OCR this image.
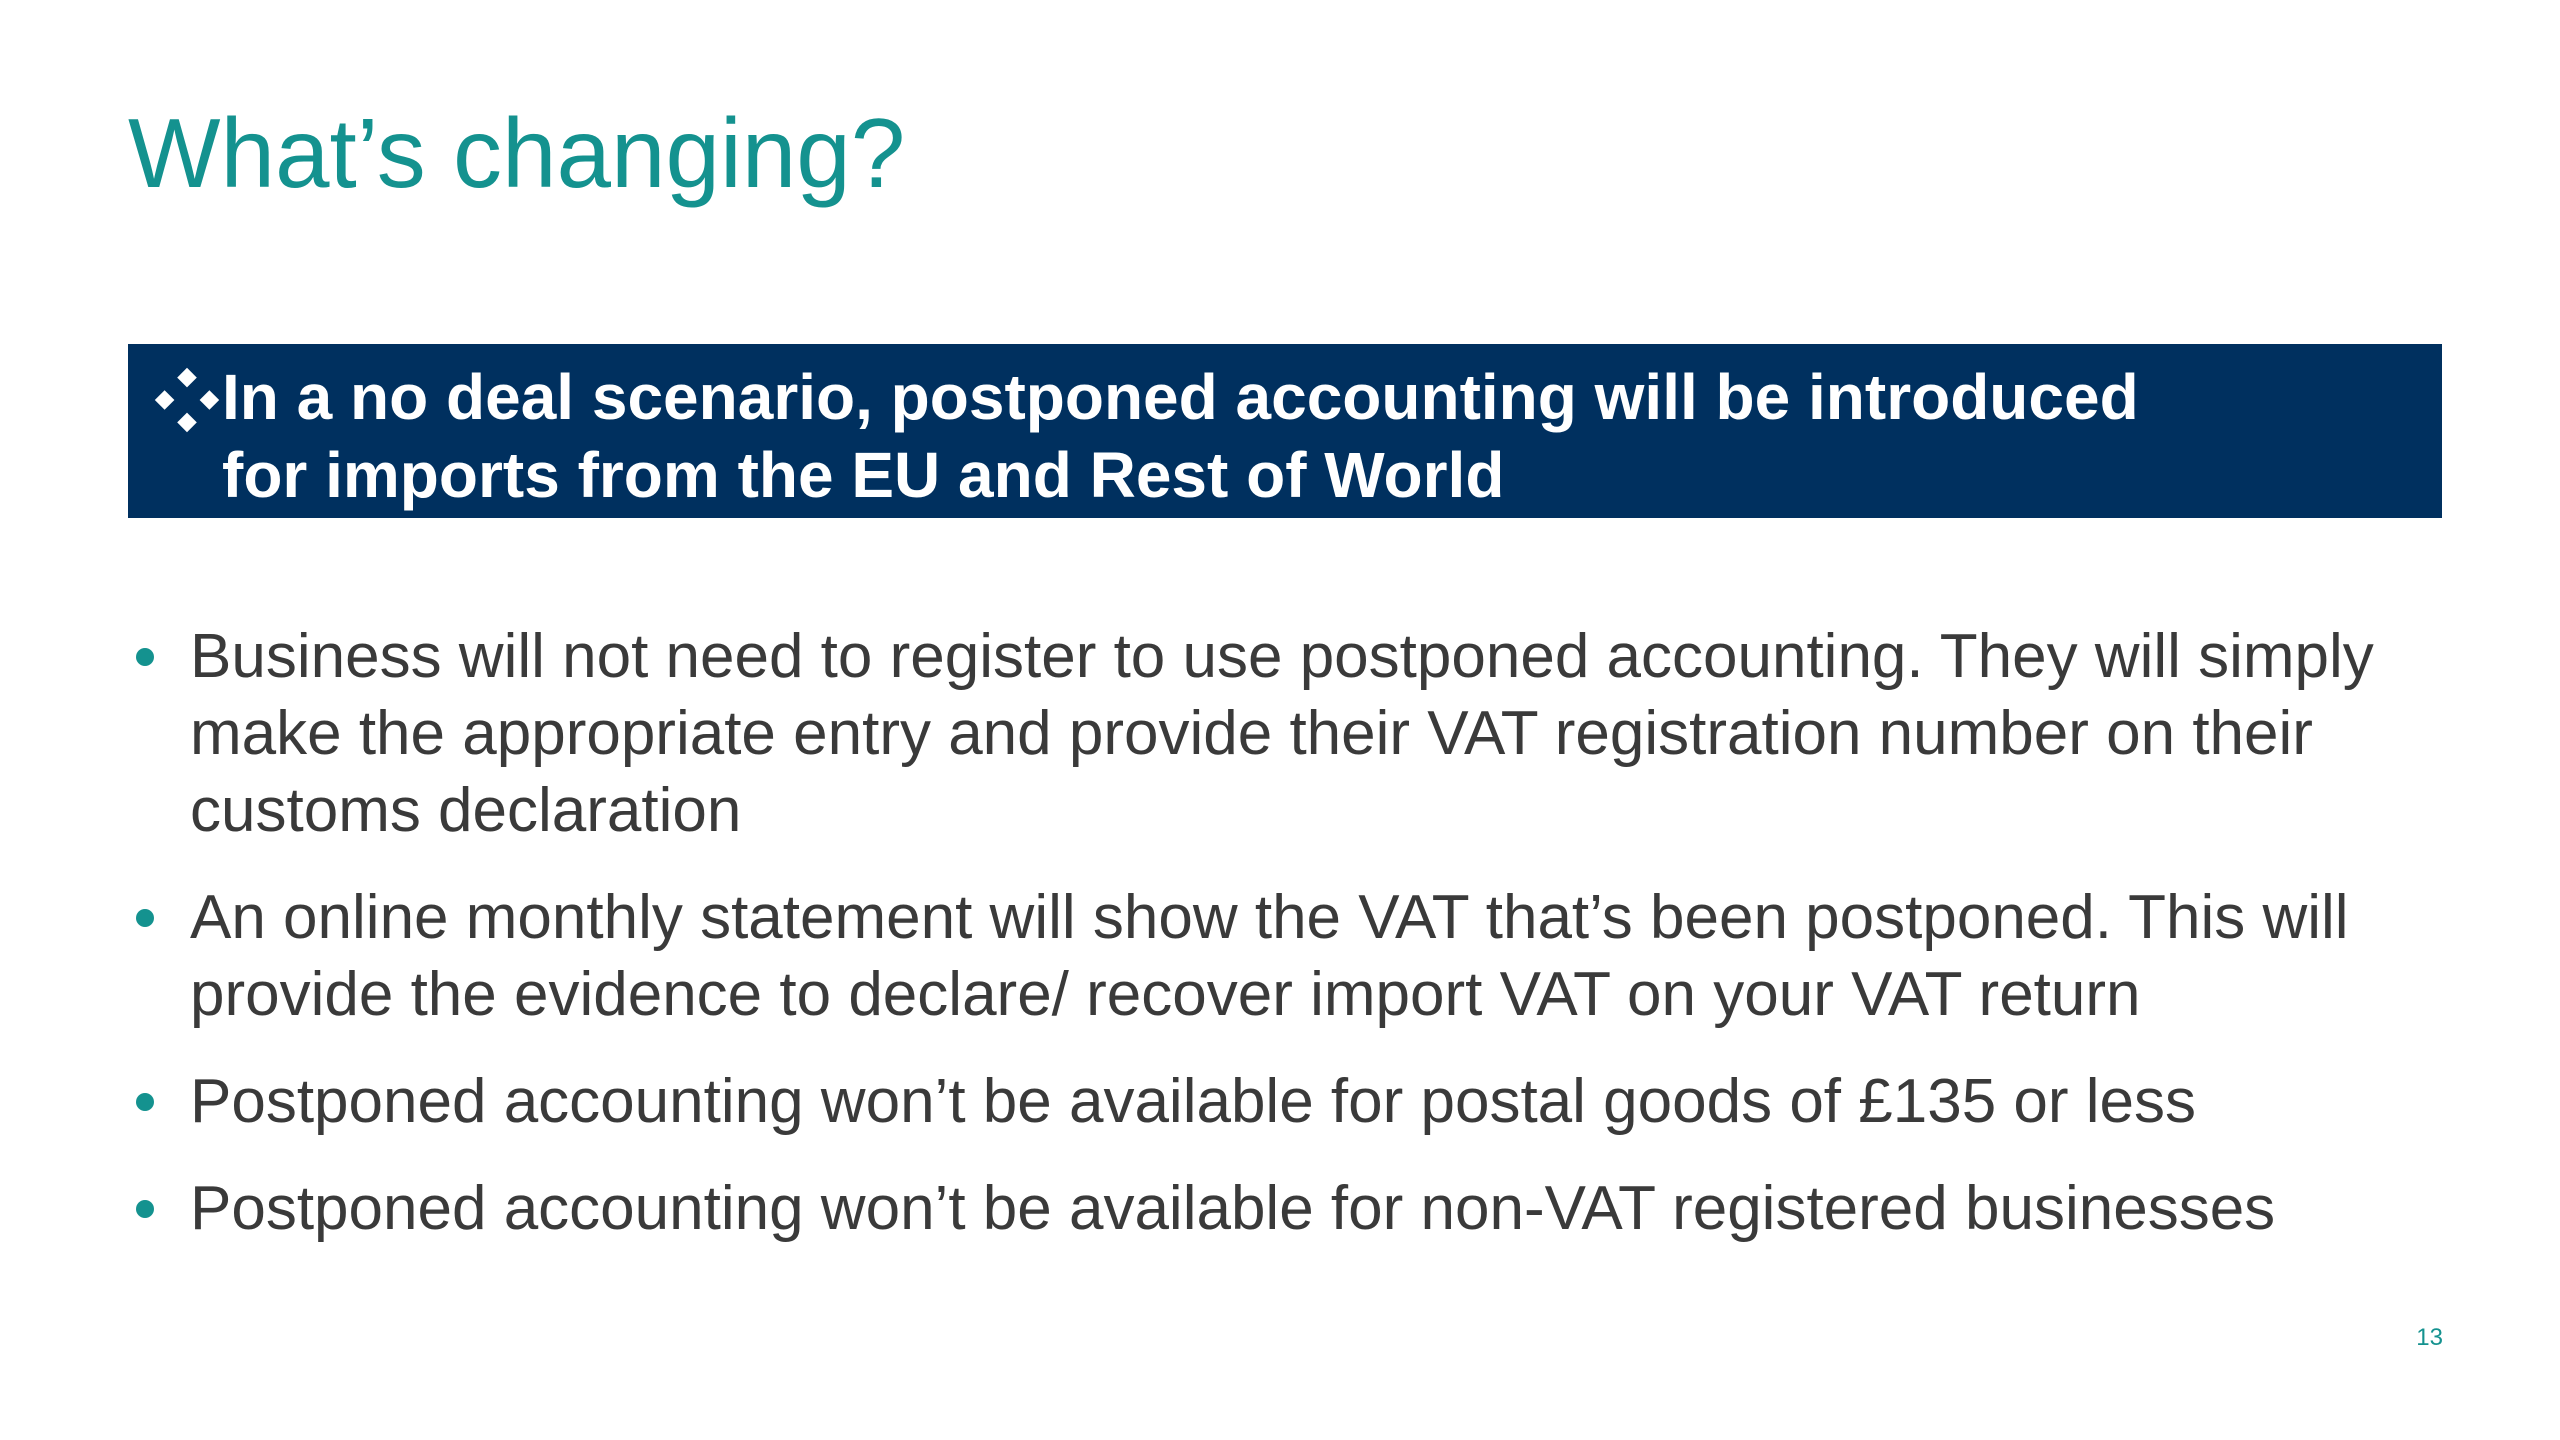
What’s changing?
In a no deal scenario, postponed accounting will be introduced
for imports from the EU and Rest of World
Business will not need to register to use postponed accounting. They will simply make the appropriate entry and provide their VAT registration number on their customs declaration
An online monthly statement will show the VAT that’s been postponed. This will provide the evidence to declare/ recover import VAT on your VAT return
Postponed accounting won’t be available for postal goods of £135 or less
Postponed accounting won’t be available for non-VAT registered businesses
13
